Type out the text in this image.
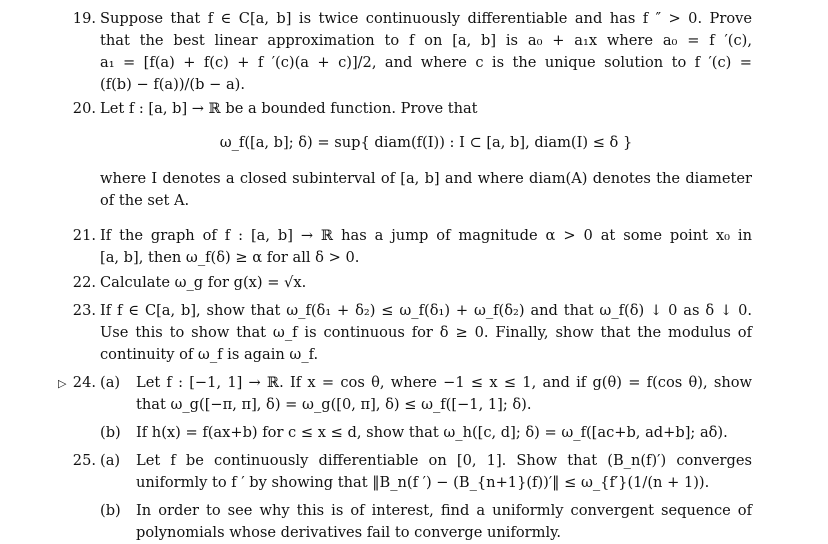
19. Suppose that f ∈ C[a, b] is twice continuously differentiable and has f ″ > 0. Prove
that the best linear approximation to f on [a, b] is a₀ + a₁x where a₀ = f ′(c),
a₁ = [f(a) + f(c) + f ′(c)(a + c)]/2, and where c is the unique solution to f ′(c) =
(f(b) − f(a))/(b − a).
20. Let f : [a, b] → ℝ be a bounded function. Prove that
ω_f([a, b]; δ) = sup{ diam(f(I)) : I ⊂ [a, b], diam(I) ≤ δ }
where I denotes a closed subinterval of [a, b] and where diam(A) denotes the diameter
of the set A.
21. If the graph of f : [a, b] → ℝ has a jump of magnitude α > 0 at some point x₀ in
[a, b], then ω_f(δ) ≥ α for all δ > 0.
22. Calculate ω_g for g(x) = √x.
23. If f ∈ C[a, b], show that ω_f(δ₁ + δ₂) ≤ ω_f(δ₁) + ω_f(δ₂) and that ω_f(δ) ↓ 0 as δ ↓ 0.
Use this to show that ω_f is continuous for δ ≥ 0. Finally, show that the modulus of
continuity of ω_f is again ω_f.
▷ 24. (a) Let f : [−1, 1] → ℝ. If x = cos θ, where −1 ≤ x ≤ 1, and if g(θ) = f(cos θ), show
that ω_g([−π, π], δ) = ω_g([0, π], δ) ≤ ω_f([−1, 1]; δ).
(b) If h(x) = f(ax+b) for c ≤ x ≤ d, show that ω_h([c, d]; δ) = ω_f([ac+b, ad+b]; aδ).
25. (a) Let f be continuously differentiable on [0, 1]. Show that (B_n(f)′) converges
uniformly to f ′ by showing that ‖B_n(f ′) − (B_{n+1}(f))′‖ ≤ ω_{f′}(1/(n + 1)).
(b) In order to see why this is of interest, find a uniformly convergent sequence of
polynomials whose derivatives fail to converge uniformly.
